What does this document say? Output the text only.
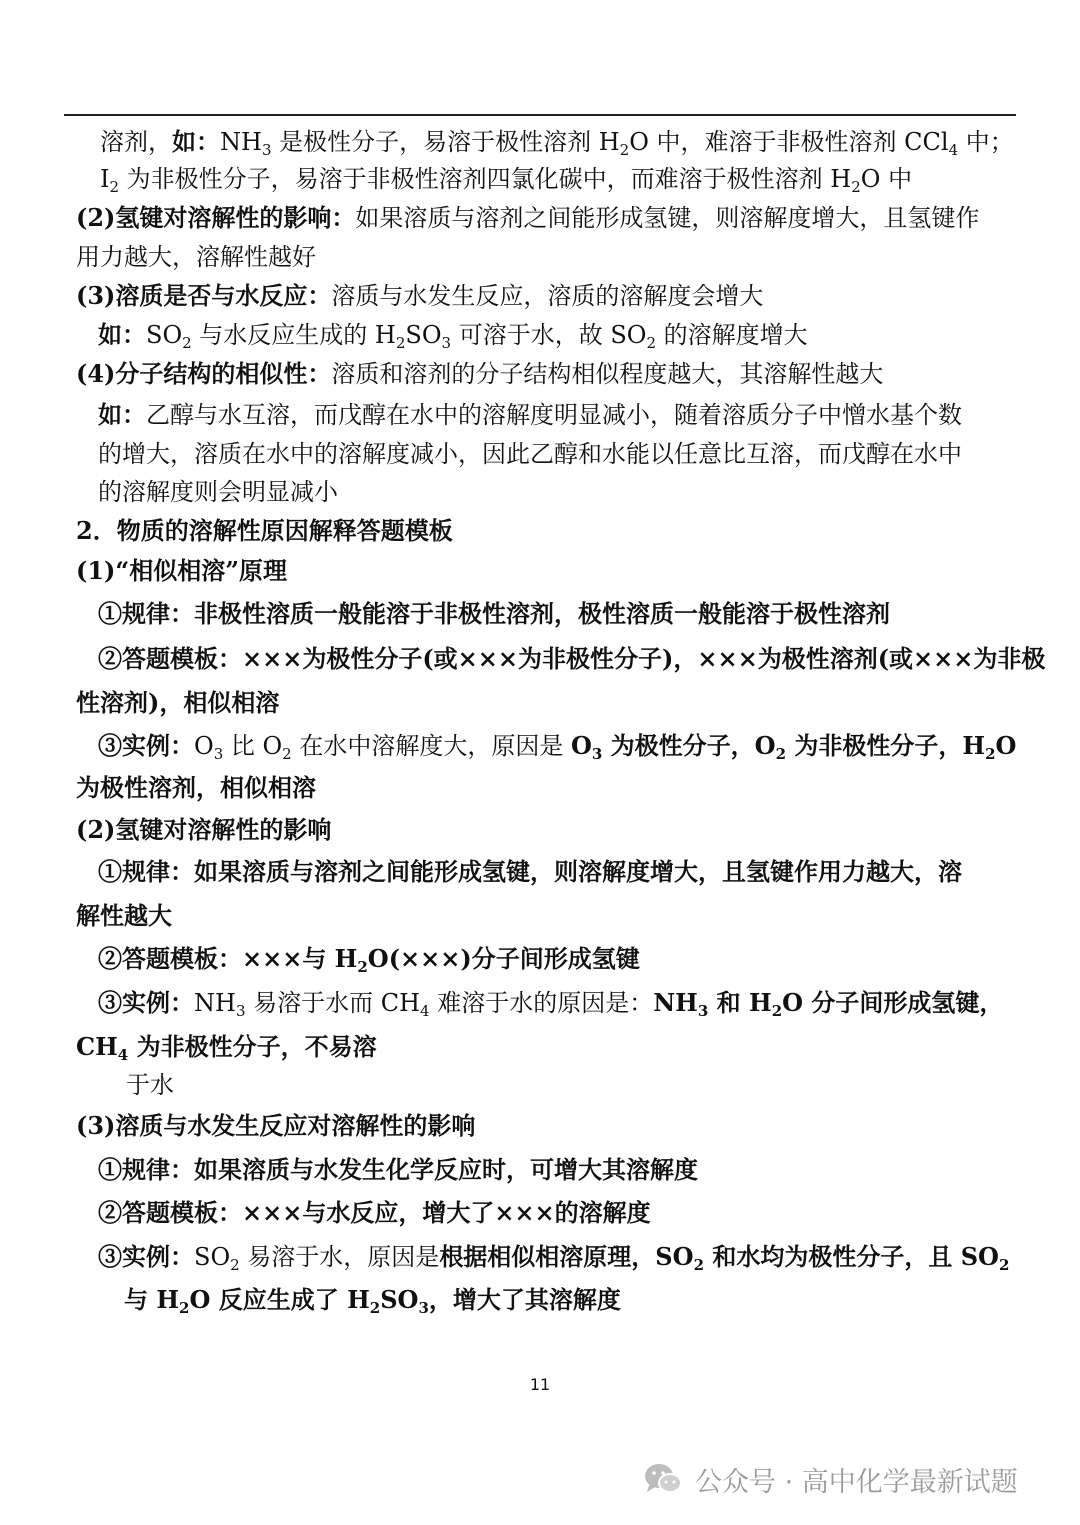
溶剂，如：$NH_3$ 是极性分子，易溶于极性溶剂 $H_2O$ 中，难溶于非极性溶剂 CCl$_4$ 中；
$I_2$ 为非极性分子，易溶于非极性溶剂四氯化碳中，而难溶于极性溶剂 $H_2O$ 中
(2)氢键对溶解性的影响：如果溶质与溶剂之间能形成氢键，则溶解度增大，且氢键作
用力越大，溶解性越好
(3)溶质是否与水反应：溶质与水发生反应，溶质的溶解度会增大
如：$SO_2$ 与水反应生成的 $H_2SO_3$ 可溶于水，故 $SO_2$ 的溶解度增大
(4)分子结构的相似性：溶质和溶剂的分子结构相似程度越大，其溶解性越大
如：乙醇与水互溶，而戊醇在水中的溶解度明显减小，随着溶质分子中憎水基个数
的增大，溶质在水中的溶解度减小，因此乙醇和水能以任意比互溶，而戊醇在水中
的溶解度则会明显减小
2．物质的溶解性原因解释答题模板
(1)“相似相溶”原理
①规律：非极性溶质一般能溶于非极性溶剂，极性溶质一般能溶于极性溶剂
②答题模板：×××为极性分子(或×××为非极性分子)，×××为极性溶剂(或×××为非极
性溶剂)，相似相溶
③实例：$O_3$ 比 $O_2$ 在水中溶解度大，原因是 $O_3$ 为极性分子，$O_2$ 为非极性分子，$H_2O$
为极性溶剂，相似相溶
(2)氢键对溶解性的影响
①规律：如果溶质与溶剂之间能形成氢键，则溶解度增大，且氢键作用力越大，溶
解性越大
②答题模板：×××与 $H_2O(\times\times\times)$分子间形成氢键
③实例：$NH_3$ 易溶于水而 $CH_4$ 难溶于水的原因是：$NH_3$ 和 $H_2O$ 分子间形成氢键，
$CH_4$ 为非极性分子，不易溶
于水
(3)溶质与水发生反应对溶解性的影响
①规律：如果溶质与水发生化学反应时，可增大其溶解度
②答题模板：×××与水反应，增大了×××的溶解度
③实例：$SO_2$ 易溶于水，原因是根据相似相溶原理，$SO_2$ 和水均为极性分子，且 $SO_2$
与 $H_2O$ 反应生成了 $H_2SO_3$，增大了其溶解度
11
公众号 · 高中化学最新试题
